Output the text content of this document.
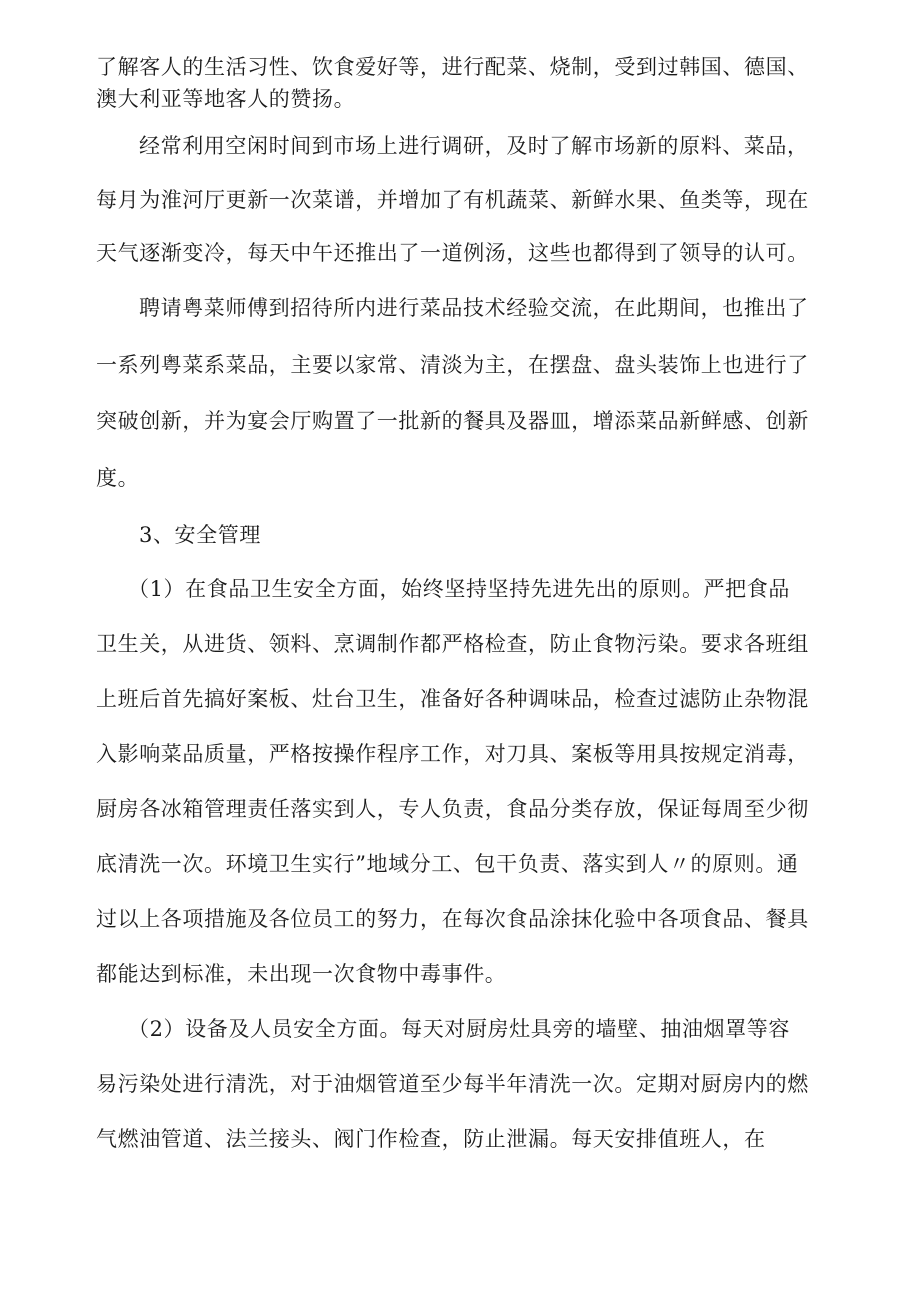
了解客人的生活习性、饮食爱好等，进行配菜、烧制，受到过韩国、德国、
澳大利亚等地客人的赞扬。
经常利用空闲时间到市场上进行调研，及时了解市场新的原料、菜品，
每月为淮河厅更新一次菜谱，并增加了有机蔬菜、新鲜水果、鱼类等，现在
天气逐渐变冷，每天中午还推出了一道例汤，这些也都得到了领导的认可。
聘请粤菜师傅到招待所内进行菜品技术经验交流，在此期间，也推出了
一系列粤菜系菜品，主要以家常、清淡为主，在摆盘、盘头装饰上也进行了
突破创新，并为宴会厅购置了一批新的餐具及器皿，增添菜品新鲜感、创新
度。
3、安全管理
（1）在食品卫生安全方面，始终坚持坚持先进先出的原则。严把食品
卫生关，从进货、领料、烹调制作都严格检查，防止食物污染。要求各班组
上班后首先搞好案板、灶台卫生，准备好各种调味品，检查过滤防止杂物混
入影响菜品质量，严格按操作程序工作，对刀具、案板等用具按规定消毒，
厨房各冰箱管理责任落实到人，专人负责，食品分类存放，保证每周至少彻
底清洗一次。环境卫生实行”地域分工、包干负责、落实到人〃的原则。通
过以上各项措施及各位员工的努力，在每次食品涂抹化验中各项食品、餐具
都能达到标准，未出现一次食物中毒事件。
（2）设备及人员安全方面。每天对厨房灶具旁的墙壁、抽油烟罩等容
易污染处进行清洗，对于油烟管道至少每半年清洗一次。定期对厨房内的燃
气燃油管道、法兰接头、阀门作检查，防止泄漏。每天安排值班人，在
